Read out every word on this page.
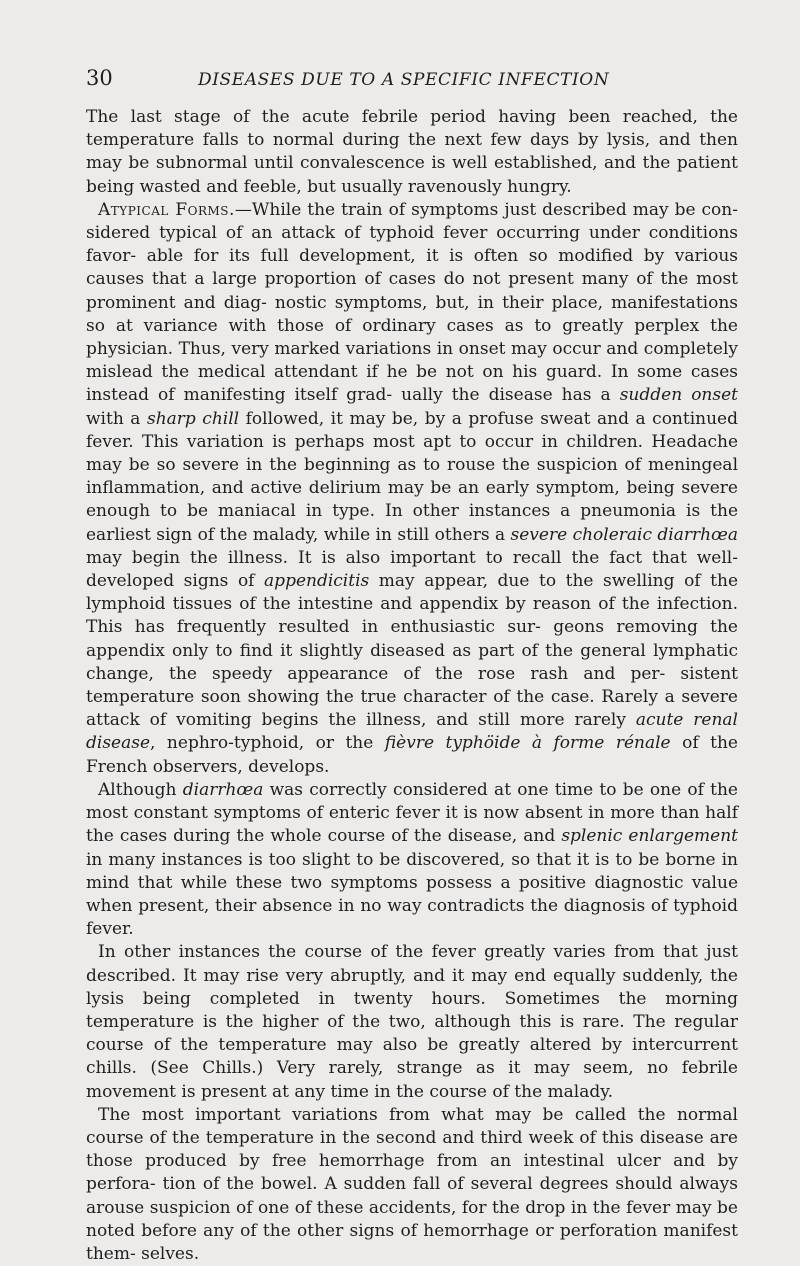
30	DISEASES DUE TO A SPECIFIC INFECTION

The last stage of the acute febrile period having been reached, the temperature falls to normal during the next few days by lysis, and then may be subnormal until convalescence is well established, and the patient being wasted and feeble, but usually ravenously hungry.

Atypical Forms.—While the train of symptoms just described may be con- sidered typical of an attack of typhoid fever occurring under conditions favor- able for its full development, it is often so modified by various causes that a large proportion of cases do not present many of the most prominent and diag- nostic symptoms, but, in their place, manifestations so at variance with those of ordinary cases as to greatly perplex the physician. Thus, very marked variations in onset may occur and completely mislead the medical attendant if he be not on his guard. In some cases instead of manifesting itself grad- ually the disease has a sudden onset with a sharp chill followed, it may be, by a profuse sweat and a continued fever. This variation is perhaps most apt to occur in children. Headache may be so severe in the beginning as to rouse the suspicion of meningeal inflammation, and active delirium may be an early symptom, being severe enough to be maniacal in type. In other instances a pneumonia is the earliest sign of the malady, while in still others a severe choleraic diarrhœa may begin the illness. It is also important to recall the fact that well-developed signs of appendicitis may appear, due to the swelling of the lymphoid tissues of the intestine and appendix by reason of the infection. This has frequently resulted in enthusiastic sur- geons removing the appendix only to find it slightly diseased as part of the general lymphatic change, the speedy appearance of the rose rash and per- sistent temperature soon showing the true character of the case. Rarely a severe attack of vomiting begins the illness, and still more rarely acute renal disease, nephro-typhoid, or the fièvre typhöide à forme rénale of the French observers, develops.

Although diarrhœa was correctly considered at one time to be one of the most constant symptoms of enteric fever it is now absent in more than half the cases during the whole course of the disease, and splenic enlargement in many instances is too slight to be discovered, so that it is to be borne in mind that while these two symptoms possess a positive diagnostic value when present, their absence in no way contradicts the diagnosis of typhoid fever.

In other instances the course of the fever greatly varies from that just described. It may rise very abruptly, and it may end equally suddenly, the lysis being completed in twenty hours. Sometimes the morning temperature is the higher of the two, although this is rare. The regular course of the temperature may also be greatly altered by intercurrent chills. (See Chills.) Very rarely, strange as it may seem, no febrile movement is present at any time in the course of the malady.

The most important variations from what may be called the normal course of the temperature in the second and third week of this disease are those produced by free hemorrhage from an intestinal ulcer and by perfora- tion of the bowel. A sudden fall of several degrees should always arouse suspicion of one of these accidents, for the drop in the fever may be noted before any of the other signs of hemorrhage or perforation manifest them- selves.
